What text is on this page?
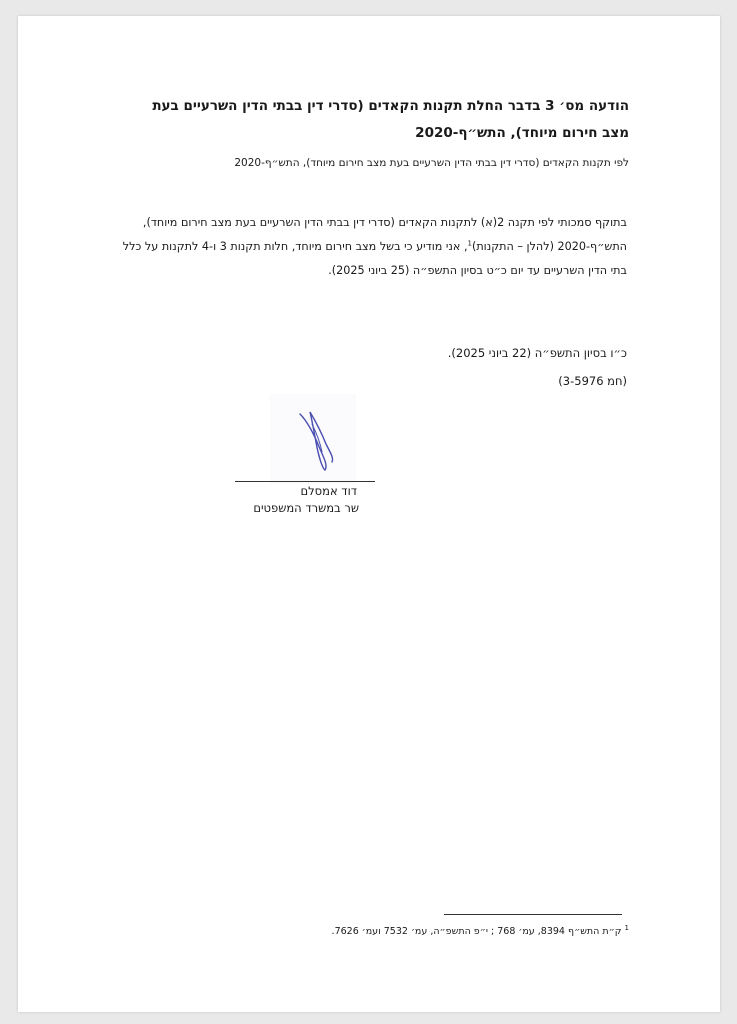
הודעה מס׳ 3 בדבר החלת תקנות הקאדים (סדרי דין בבתי הדין השרעיים בעת מצב חירום מיוחד), התש״ף-2020
לפי תקנות הקאדים (סדרי דין בבתי הדין השרעיים בעת מצב חירום מיוחד), התש״ף-2020
בתוקף סמכותי לפי תקנה 2(א) לתקנות הקאדים (סדרי דין בבתי הדין השרעיים בעת מצב חירום מיוחד), התש״ף-2020 (להלן – התקנות)$^1$, אני מודיע כי בשל מצב חירום מיוחד, חלות תקנות 3 ו-4 לתקנות על כלל בתי הדין השרעיים עד יום כ״ט בסיון התשפ״ה (25 ביוני 2025).
כ״ו בסיון התשפ״ה (22 ביוני 2025).
(חמ 3-5976)
דוד אמסלם
שר במשרד המשפטים
$^1$ ק״ת התש״ף 8394, עמ׳ 768 ; י״פ התשפ״ה, עמ׳ 7532 ועמ׳ 7626.
